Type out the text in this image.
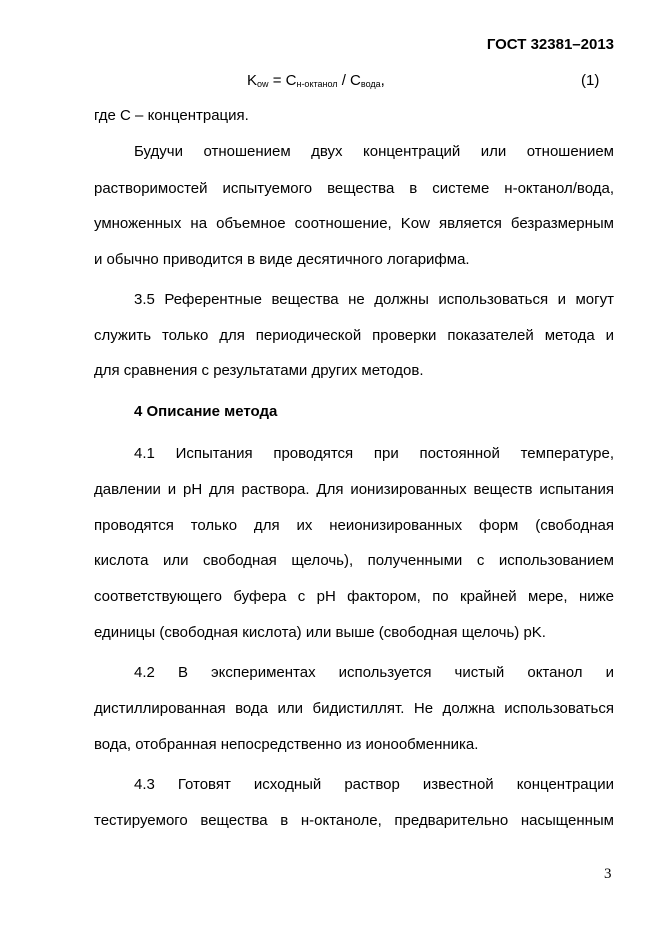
ГОСТ 32381–2013
$K_{ow} = C_{н-октанол} / C_{вода}$,	(1)
где С – концентрация.
Будучи отношением двух концентраций или отношением
растворимостей испытуемого вещества в системе н-октанол/вода,
умноженных на объемное соотношение, Kow является безразмерным
и обычно приводится в виде десятичного логарифма.
3.5 Референтные вещества не должны использоваться и могут
служить только для периодической проверки показателей метода и
для сравнения с результатами других методов.
4 Описание метода
4.1 Испытания проводятся при постоянной температуре,
давлении и pH для раствора. Для ионизированных веществ испытания
проводятся только для их неионизированных форм (свободная
кислота или свободная щелочь), полученными с использованием
соответствующего буфера с pH фактором, по крайней мере, ниже
единицы (свободная кислота) или выше (свободная щелочь) pK.
4.2 В экспериментах используется чистый октанол и
дистиллированная вода или бидистиллят. Не должна использоваться
вода, отобранная непосредственно из ионообменника.
4.3 Готовят исходный раствор известной концентрации
тестируемого вещества в н-октаноле, предварительно насыщенным
3
